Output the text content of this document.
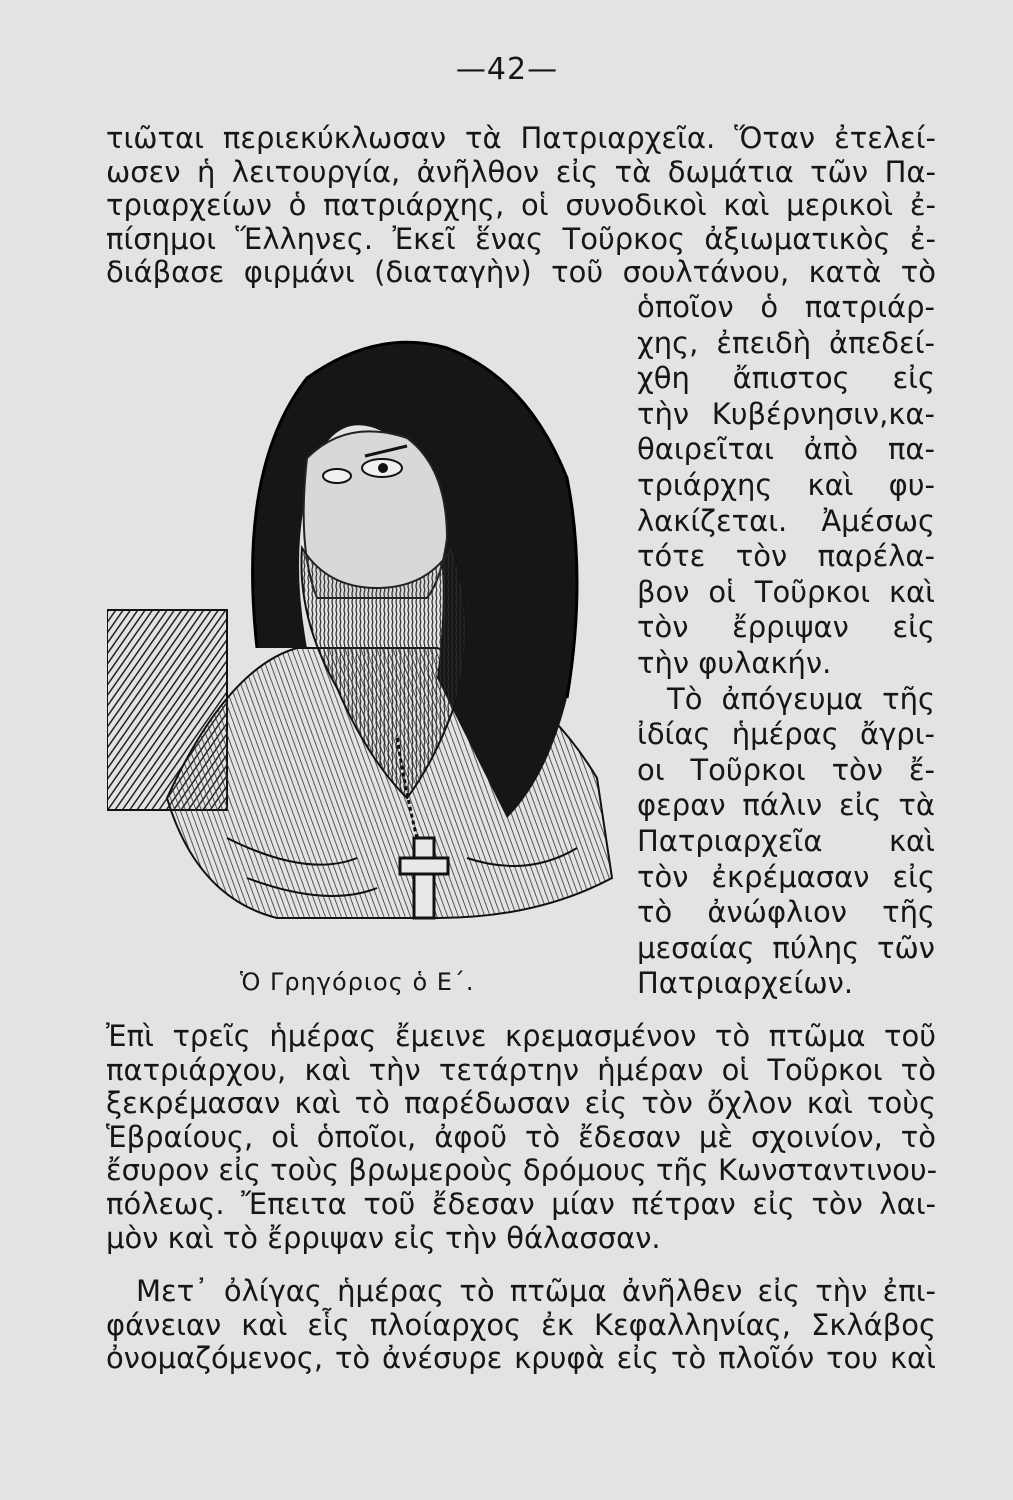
—42—
τιῶται περιεκύκλωσαν τὰ Πατριαρχεῖα. Ὅταν ἐτελεί-
ωσεν ἡ λειτουργία, ἀνῆλθον εἰς τὰ δωμάτια τῶν Πα-
τριαρχείων ὁ πατριάρχης, οἱ συνοδικοὶ καὶ μερικοὶ ἐ-
πίσημοι Ἕλληνες. Ἐκεῖ ἕνας Τοῦρκος ἀξιωματικὸς ἐ-
διάβασε φιρμάνι (διαταγὴν) τοῦ σουλτάνου, κατὰ τὸ
ὁποῖον ὁ πατριάρ-
χης, ἐπειδὴ ἀπεδεί-
χθη ἄπιστος εἰς
τὴν Κυβέρνησιν,κα-
θαιρεῖται ἀπὸ πα-
τριάρχης καὶ φυ-
λακίζεται. Ἀμέσως
τότε τὸν παρέλα-
βον οἱ Τοῦρκοι καὶ
τὸν ἔρριψαν εἰς
τὴν φυλακήν.
Τὸ ἀπόγευμα τῆς
ἰδίας ἡμέρας ἄγρι-
οι Τοῦρκοι τὸν ἔ-
φεραν πάλιν εἰς τὰ
Πατριαρχεῖα καὶ
τὸν ἐκρέμασαν εἰς
τὸ ἀνώφλιον τῆς
μεσαίας πύλης τῶν
Πατριαρχείων.
Ὁ Γρηγόριος ὁ Ε΄.
Ἐπὶ τρεῖς ἡμέρας ἔμεινε κρεμασμένον τὸ πτῶμα τοῦ
πατριάρχου, καὶ τὴν τετάρτην ἡμέραν οἱ Τοῦρκοι τὸ
ξεκρέμασαν καὶ τὸ παρέδωσαν εἰς τὸν ὄχλον καὶ τοὺς
Ἑβραίους, οἱ ὁποῖοι, ἀφοῦ τὸ ἔδεσαν μὲ σχοινίον, τὸ
ἔσυρον εἰς τοὺς βρωμεροὺς δρόμους τῆς Κωνσταντινου-
πόλεως. Ἔπειτα τοῦ ἔδεσαν μίαν πέτραν εἰς τὸν λαι-
μὸν καὶ τὸ ἔρριψαν εἰς τὴν θάλασσαν.
Μετ᾽ ὀλίγας ἡμέρας τὸ πτῶμα ἀνῆλθεν εἰς τὴν ἐπι-
φάνειαν καὶ εἷς πλοίαρχος ἐκ Κεφαλληνίας, Σκλάβος
ὀνομαζόμενος, τὸ ἀνέσυρε κρυφὰ εἰς τὸ πλοῖόν του καὶ
